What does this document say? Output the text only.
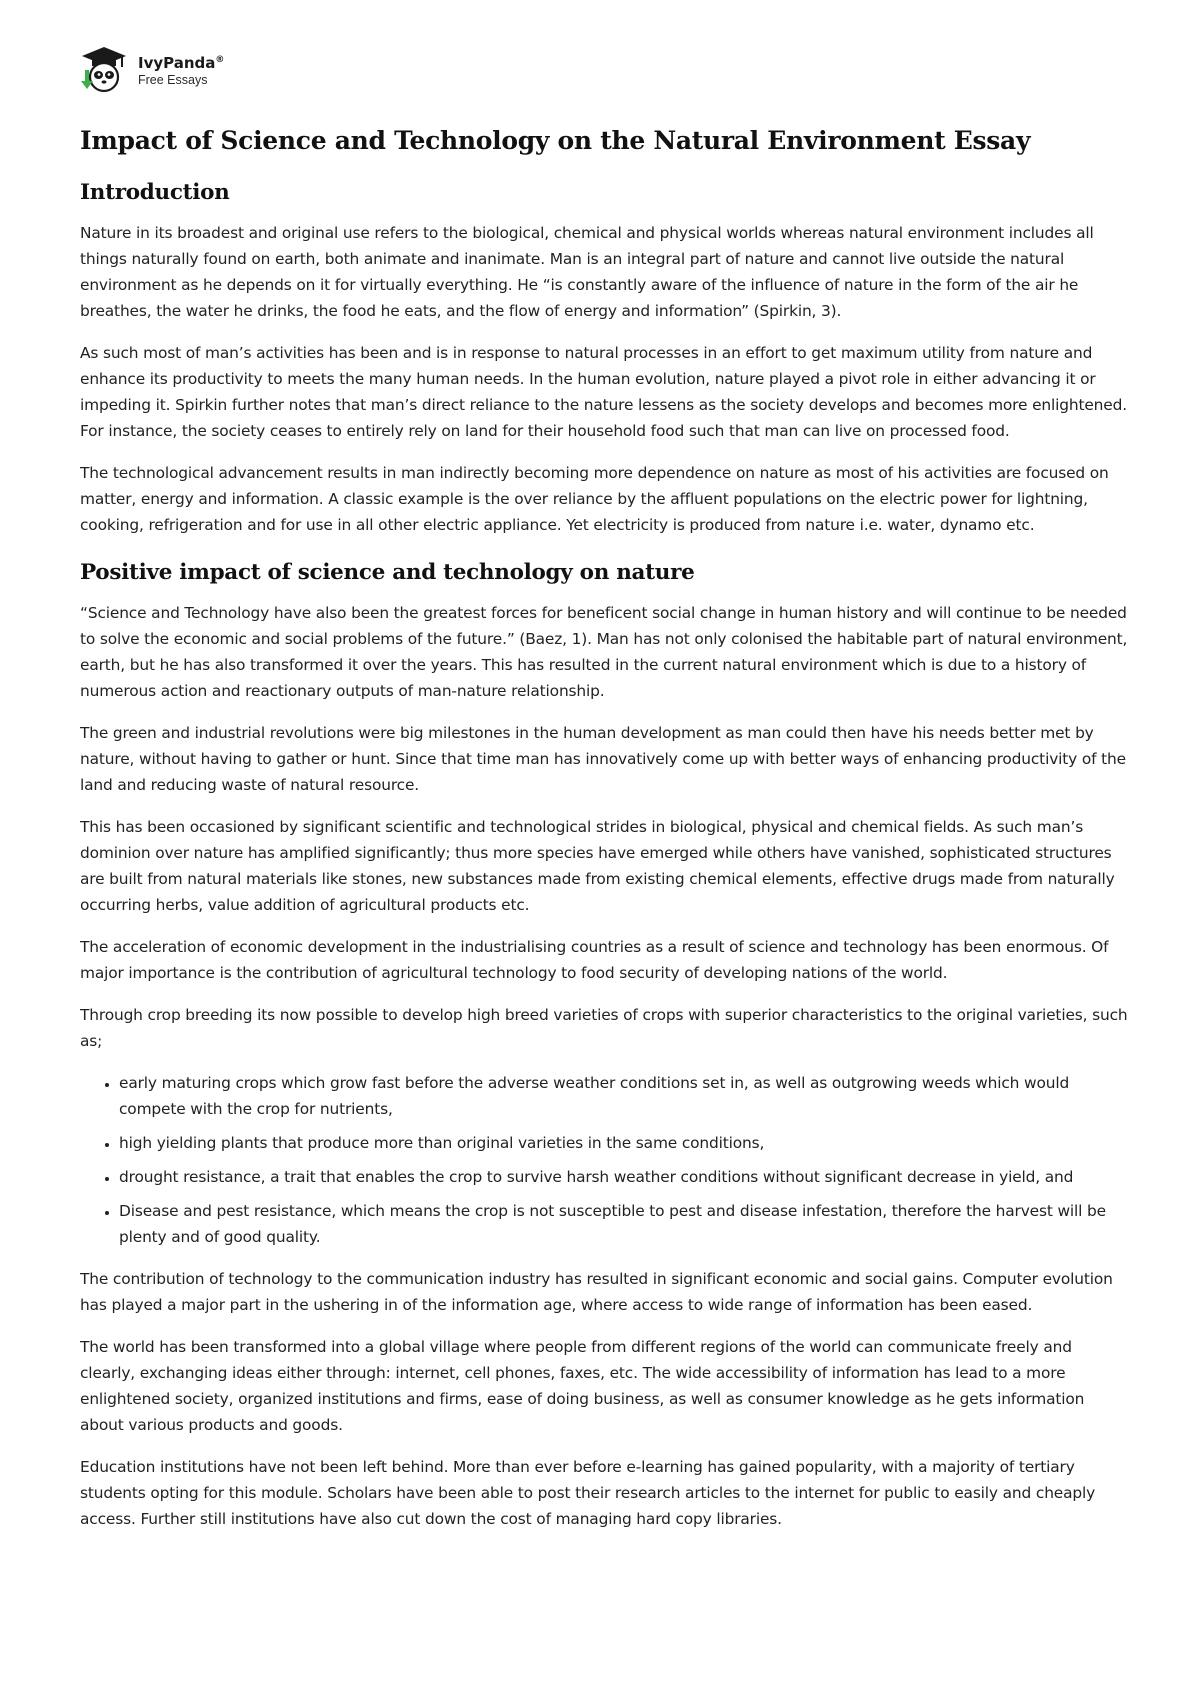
IvyPanda®
Free Essays
Impact of Science and Technology on the Natural Environment Essay
Introduction

Nature in its broadest and original use refers to the biological, chemical and physical worlds whereas natural environment includes all things naturally found on earth, both animate and inanimate. Man is an integral part of nature and cannot live outside the natural environment as he depends on it for virtually everything. He “is constantly aware of the influence of nature in the form of the air he breathes, the water he drinks, the food he eats, and the flow of energy and information” (Spirkin, 3).

As such most of man’s activities has been and is in response to natural processes in an effort to get maximum utility from nature and enhance its productivity to meets the many human needs. In the human evolution, nature played a pivot role in either advancing it or impeding it. Spirkin further notes that man’s direct reliance to the nature lessens as the society develops and becomes more enlightened. For instance, the society ceases to entirely rely on land for their household food such that man can live on processed food.

The technological advancement results in man indirectly becoming more dependence on nature as most of his activities are focused on matter, energy and information. A classic example is the over reliance by the affluent populations on the electric power for lightning, cooking, refrigeration and for use in all other electric appliance. Yet electricity is produced from nature i.e. water, dynamo etc.

Positive impact of science and technology on nature

“Science and Technology have also been the greatest forces for beneficent social change in human history and will continue to be needed to solve the economic and social problems of the future.” (Baez, 1). Man has not only colonised the habitable part of natural environment, earth, but he has also transformed it over the years. This has resulted in the current natural environment which is due to a history of numerous action and reactionary outputs of man-nature relationship.

The green and industrial revolutions were big milestones in the human development as man could then have his needs better met by nature, without having to gather or hunt. Since that time man has innovatively come up with better ways of enhancing productivity of the land and reducing waste of natural resource.

This has been occasioned by significant scientific and technological strides in biological, physical and chemical fields. As such man’s dominion over nature has amplified significantly; thus more species have emerged while others have vanished, sophisticated structures are built from natural materials like stones, new substances made from existing chemical elements, effective drugs made from naturally occurring herbs, value addition of agricultural products etc.

The acceleration of economic development in the industrialising countries as a result of science and technology has been enormous. Of major importance is the contribution of agricultural technology to food security of developing nations of the world.

Through crop breeding its now possible to develop high breed varieties of crops with superior characteristics to the original varieties, such as;

• early maturing crops which grow fast before the adverse weather conditions set in, as well as outgrowing weeds which would compete with the crop for nutrients,
• high yielding plants that produce more than original varieties in the same conditions,
• drought resistance, a trait that enables the crop to survive harsh weather conditions without significant decrease in yield, and
• Disease and pest resistance, which means the crop is not susceptible to pest and disease infestation, therefore the harvest will be plenty and of good quality.

The contribution of technology to the communication industry has resulted in significant economic and social gains. Computer evolution has played a major part in the ushering in of the information age, where access to wide range of information has been eased.

The world has been transformed into a global village where people from different regions of the world can communicate freely and clearly, exchanging ideas either through: internet, cell phones, faxes, etc. The wide accessibility of information has lead to a more enlightened society, organized institutions and firms, ease of doing business, as well as consumer knowledge as he gets information about various products and goods.

Education institutions have not been left behind. More than ever before e-learning has gained popularity, with a majority of tertiary students opting for this module. Scholars have been able to post their research articles to the internet for public to easily and cheaply access. Further still institutions have also cut down the cost of managing hard copy libraries.
